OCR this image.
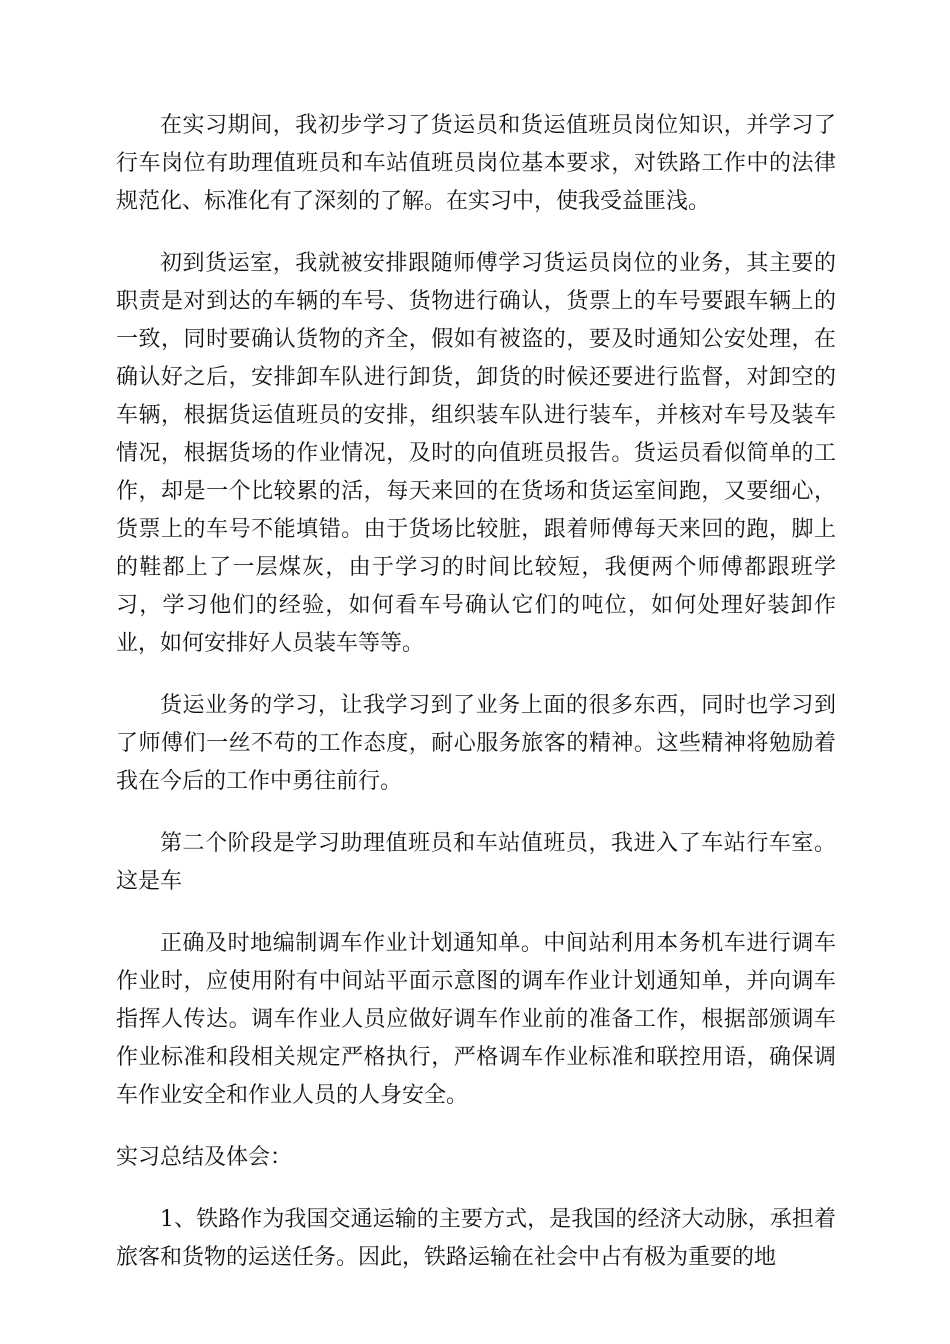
在实习期间，我初步学习了货运员和货运值班员岗位知识，并学习了行车岗位有助理值班员和车站值班员岗位基本要求，对铁路工作中的法律规范化、标准化有了深刻的了解。在实习中，使我受益匪浅。

初到货运室，我就被安排跟随师傅学习货运员岗位的业务，其主要的职责是对到达的车辆的车号、货物进行确认，货票上的车号要跟车辆上的一致，同时要确认货物的齐全，假如有被盗的，要及时通知公安处理，在确认好之后，安排卸车队进行卸货，卸货的时候还要进行监督，对卸空的车辆，根据货运值班员的安排，组织装车队进行装车，并核对车号及装车情况，根据货场的作业情况，及时的向值班员报告。货运员看似简单的工作，却是一个比较累的活，每天来回的在货场和货运室间跑，又要细心，货票上的车号不能填错。由于货场比较脏，跟着师傅每天来回的跑，脚上的鞋都上了一层煤灰，由于学习的时间比较短，我便两个师傅都跟班学习，学习他们的经验，如何看车号确认它们的吨位，如何处理好装卸作业，如何安排好人员装车等等。

货运业务的学习，让我学习到了业务上面的很多东西，同时也学习到了师傅们一丝不苟的工作态度，耐心服务旅客的精神。这些精神将勉励着我在今后的工作中勇往前行。

第二个阶段是学习助理值班员和车站值班员，我进入了车站行车室。这是车

正确及时地编制调车作业计划通知单。中间站利用本务机车进行调车作业时，应使用附有中间站平面示意图的调车作业计划通知单，并向调车指挥人传达。调车作业人员应做好调车作业前的准备工作，根据部颁调车作业标准和段相关规定严格执行，严格调车作业标准和联控用语，确保调车作业安全和作业人员的人身安全。

实习总结及体会：

1、铁路作为我国交通运输的主要方式，是我国的经济大动脉，承担着旅客和货物的运送任务。因此，铁路运输在社会中占有极为重要的地
